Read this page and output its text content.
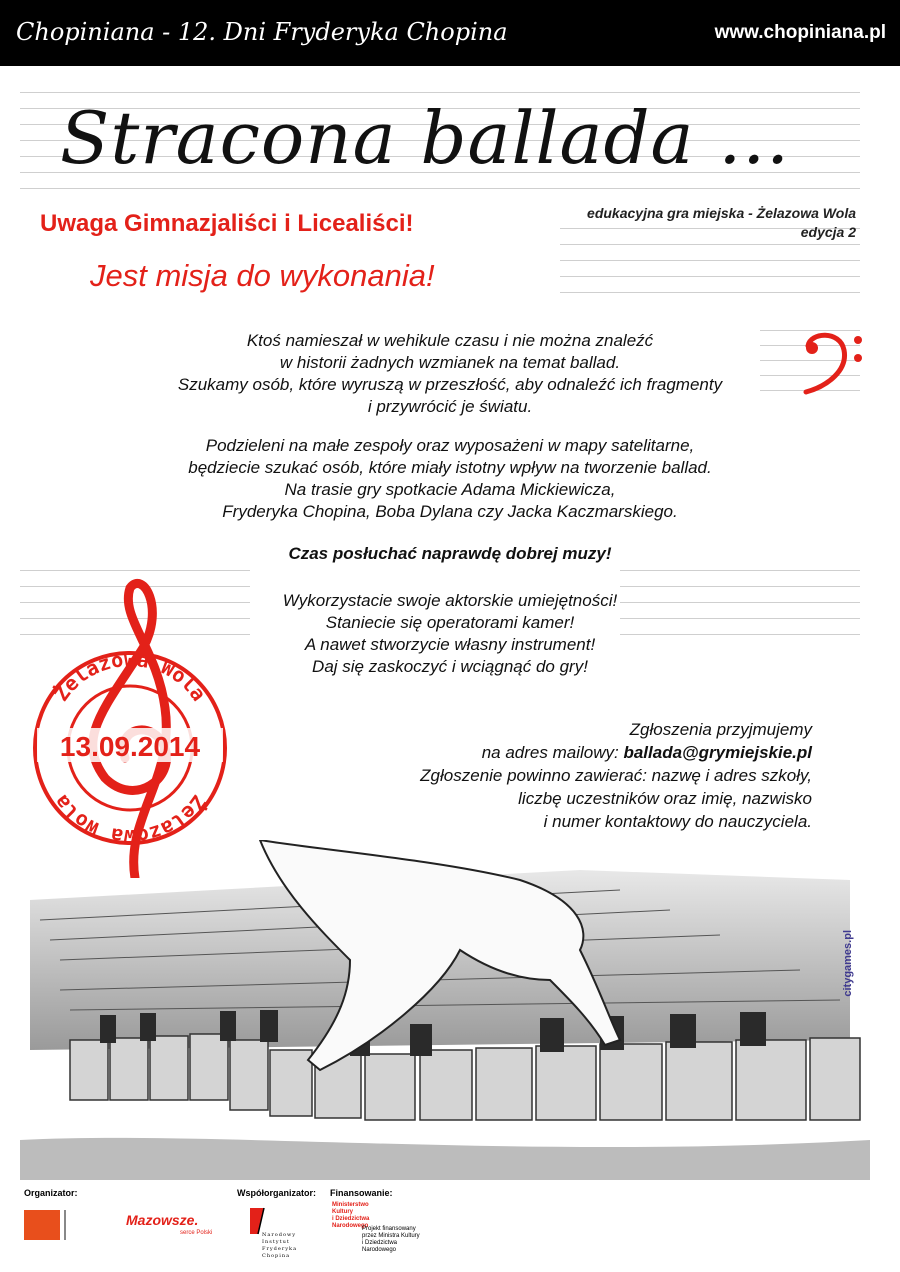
Chopiniana - 12. Dni Fryderyka Chopina	www.chopiniana.pl
Stracona ballada ...
edukacyjna gra miejska - Żelazowa Wola
edycja 2
Uwaga Gimnazjaliści i Licealiści!
Jest misja do wykonania!
Ktoś namieszał w wehikule czasu i nie można znaleźć
w historii żadnych wzmianek na temat ballad.
Szukamy osób, które wyruszą w przeszłość, aby odnaleźć ich fragmenty
i przywrócić je światu.
Podzieleni na małe zespoły oraz wyposażeni w mapy satelitarne,
będziecie szukać osób, które miały istotny wpływ na tworzenie ballad.
Na trasie gry spotkacie Adama Mickiewicza,
Fryderyka Chopina, Boba Dylana czy Jacka Kaczmarskiego.
Czas posłuchać naprawdę dobrej muzy!
Wykorzystacie swoje aktorskie umiejętności!
Staniecie się operatorami kamer!
A nawet stworzycie własny instrument!
Daj się zaskoczyć i wciągnąć do gry!
Żelazowa Wola
Żelazowa Wola
13.09.2014
Zgłoszenia przyjmujemy
na adres mailowy: ballada@grymiejskie.pl
Zgłoszenie powinno zawierać: nazwę i adres szkoły,
liczbę uczestników oraz imię, nazwisko
i numer kontaktowy do nauczyciela.
citygames.pl
Organizator:	Współorganizator: Finansowanie:
Mazowsze.
serce Polski	Narodowy
Instytut
Fryderyka
Chopina
Ministerstwo
Kultury
i Dziedzictwa
Narodowego
Projekt finansowany
przez Ministra Kultury
i Dziedzictwa
Narodowego
